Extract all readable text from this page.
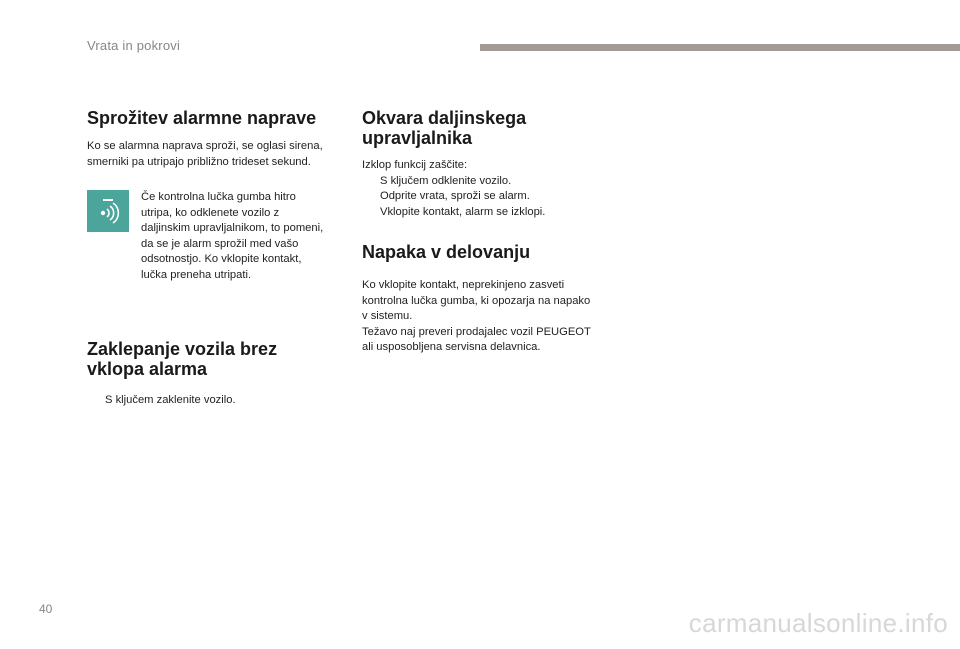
Vrata in pokrovi
Sprožitev alarmne naprave

Ko se alarmna naprava sproži, se oglasi sirena,
smerniki pa utripajo približno trideset sekund.

Če kontrolna lučka gumba hitro
utripa, ko odklenete vozilo z
daljinskim upravljalnikom, to pomeni,
da se je alarm sprožil med vašo
odsotnostjo. Ko vklopite kontakt,
lučka preneha utripati.

Zaklepanje vozila brez
vklopa alarma
S ključem zaklenite vozilo.
Okvara daljinskega
upravljalnika

Izklop funkcij zaščite:

S ključem odklenite vozilo.
Odprite vrata, sproži se alarm.
Vklopite kontakt, alarm se izklopi.
Napaka v delovanju

Ko vklopite kontakt, neprekinjeno zasveti
kontrolna lučka gumba, ki opozarja na napako
v sistemu.
Težavo naj preveri prodajalec vozil PEUGEOT
ali usposobljena servisna delavnica.

40	carmanualsonline.info
